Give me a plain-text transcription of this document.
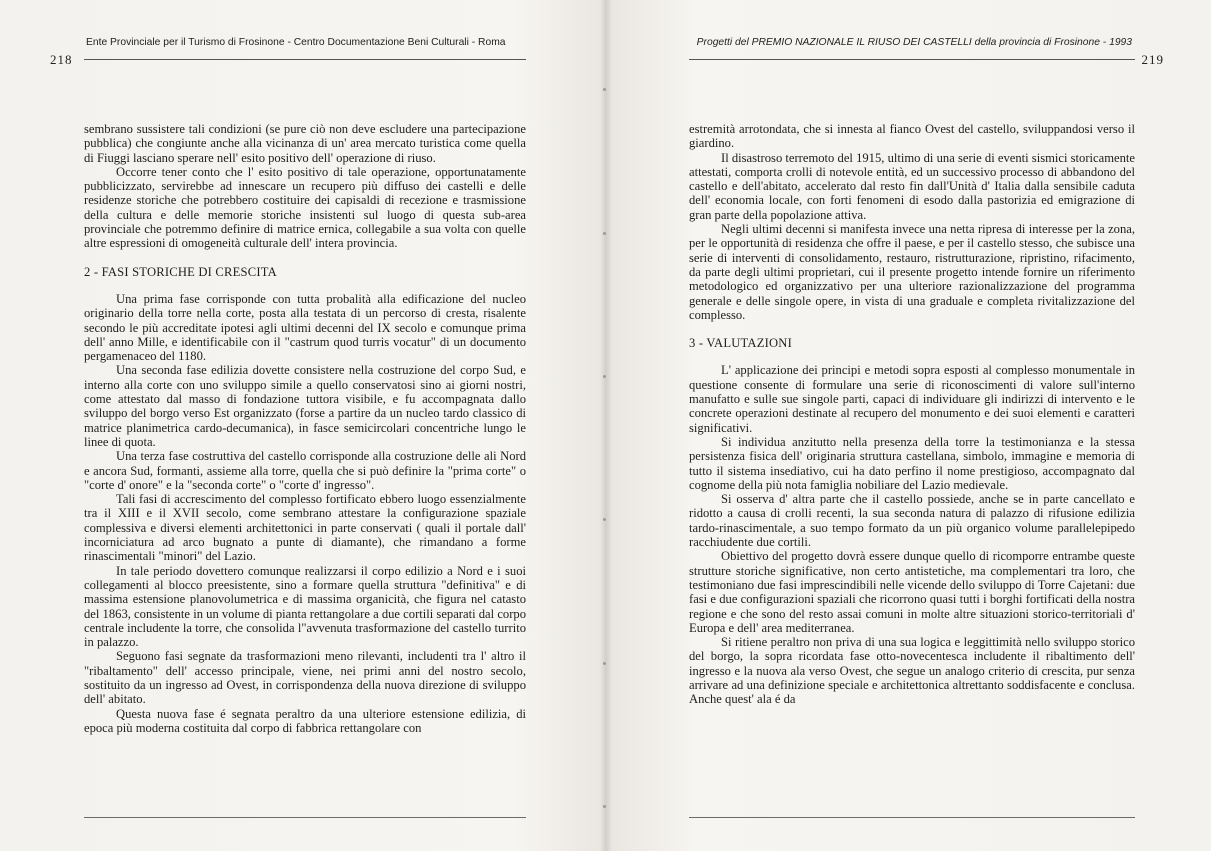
Ente Provinciale per il Turismo di Frosinone - Centro Documentazione Beni Culturali - Roma
218

sembrano sussistere tali condizioni (se pure ciò non deve escludere una partecipazione pubblica) che congiunte anche alla vicinanza di un' area mercato turistica come quella di Fiuggi lasciano sperare nell' esito positivo dell' operazione di riuso.

Occorre tener conto che l' esito positivo di tale operazione, opportunatamente pubblicizzato, servirebbe ad innescare un recupero più diffuso dei castelli e delle residenze storiche che potrebbero costituire dei capisaldi di recezione e trasmissione della cultura e delle memorie storiche insistenti sul luogo di questa sub-area provinciale che potremmo definire di matrice ernica, collegabile a sua volta con quelle altre espressioni di omogeneità culturale dell' intera provincia.

2 - FASI STORICHE DI CRESCITA

Una prima fase corrisponde con tutta probalità alla edificazione del nucleo originario della torre nella corte, posta alla testata di un percorso di cresta, risalente secondo le più accreditate ipotesi agli ultimi decenni del IX secolo e comunque prima dell' anno Mille, e identificabile con il "castrum quod turris vocatur" di un documento pergamenaceo del 1180.

Una seconda fase edilizia dovette consistere nella costruzione del corpo Sud, e interno alla corte con uno sviluppo simile a quello conservatosi sino ai giorni nostri, come attestato dal masso di fondazione tuttora visibile, e fu accompagnata dallo sviluppo del borgo verso Est organizzato (forse a partire da un nucleo tardo classico di matrice planimetrica cardo-decumanica), in fasce semicircolari concentriche lungo le linee di quota.

Una terza fase costruttiva del castello corrisponde alla costruzione delle ali Nord e ancora Sud, formanti, assieme alla torre, quella che si può definire la "prima corte" o "corte d' onore" e la "seconda corte" o "corte d' ingresso".

Tali fasi di accrescimento del complesso fortificato ebbero luogo essenzialmente tra il XIII e il XVII secolo, come sembrano attestare la configurazione spaziale complessiva e diversi elementi architettonici in parte conservati ( quali il portale dall' incorniciatura ad arco bugnato a punte di diamante), che rimandano a forme rinascimentali "minori" del Lazio.

In tale periodo dovettero comunque realizzarsi il corpo edilizio a Nord e i suoi collegamenti al blocco preesistente, sino a formare quella struttura "definitiva" e di massima estensione planovolumetrica e di massima organicità, che figura nel catasto del 1863, consistente in un volume di pianta rettangolare a due cortili separati dal corpo centrale includente la torre, che consolida l"avvenuta trasformazione del castello turrito in palazzo.

Seguono fasi segnate da trasformazioni meno rilevanti, includenti tra l' altro il "ribaltamento" dell' accesso principale, viene, nei primi anni del nostro secolo, sostituito da un ingresso ad Ovest, in corrispondenza della nuova direzione di sviluppo dell' abitato.

Questa nuova fase é segnata peraltro da una ulteriore estensione edilizia, di epoca più moderna costituita dal corpo di fabbrica rettangolare con

Progetti del PREMIO NAZIONALE IL RIUSO DEI CASTELLI della provincia di Frosinone - 1993
219

estremità arrotondata, che si innesta al fianco Ovest del castello, sviluppandosi verso il giardino.

Il disastroso terremoto del 1915, ultimo di una serie di eventi sismici storicamente attestati, comporta crolli di notevole entità, ed un successivo processo di abbandono del castello e dell'abitato, accelerato dal resto fin dall'Unità d' Italia dalla sensibile caduta dell' economia locale, con forti fenomeni di esodo dalla pastorizia ed emigrazione di gran parte della popolazione attiva.

Negli ultimi decenni si manifesta invece una netta ripresa di interesse per la zona, per le opportunità di residenza che offre il paese, e per il castello stesso, che subisce una serie di interventi di consolidamento, restauro, ristrutturazione, ripristino, rifacimento, da parte degli ultimi proprietari, cui il presente progetto intende fornire un riferimento metodologico ed organizzativo per una ulteriore razionalizzazione del programma generale e delle singole opere, in vista di una graduale e completa rivitalizzazione del complesso.

3 - VALUTAZIONI

L' applicazione dei principi e metodi sopra esposti al complesso monumentale in questione consente di formulare una serie di riconoscimenti di valore sull'interno manufatto e sulle sue singole parti, capaci di individuare gli indirizzi di intervento e le concrete operazioni destinate al recupero del monumento e dei suoi elementi e caratteri significativi.

Si individua anzitutto nella presenza della torre la testimonianza e la stessa persistenza fisica dell' originaria struttura castellana, simbolo, immagine e memoria di tutto il sistema insediativo, cui ha dato perfino il nome prestigioso, accompagnato dal cognome della più nota famiglia nobiliare del Lazio medievale.

Si osserva d' altra parte che il castello possiede, anche se in parte cancellato e ridotto a causa di crolli recenti, la sua seconda natura di palazzo di rifusione edilizia tardo-rinascimentale, a suo tempo formato da un più organico volume parallelepipedo racchiudente due cortili.

Obiettivo del progetto dovrà essere dunque quello di ricomporre entrambe queste strutture storiche significative, non certo antistetiche, ma complementari tra loro, che testimoniano due fasi imprescindibili nelle vicende dello sviluppo di Torre Cajetani: due fasi e due configurazioni spaziali che ricorrono quasi tutti i borghi fortificati della nostra regione e che sono del resto assai comuni in molte altre situazioni storico-territoriali d' Europa e dell' area mediterranea.

Si ritiene peraltro non priva di una sua logica e leggittimità nello sviluppo storico del borgo, la sopra ricordata fase otto-novecentesca includente il ribaltimento dell' ingresso e la nuova ala verso Ovest, che segue un analogo criterio di crescita, pur senza arrivare ad una definizione speciale e architettonica altrettanto soddisfacente e conclusa. Anche quest' ala é da
